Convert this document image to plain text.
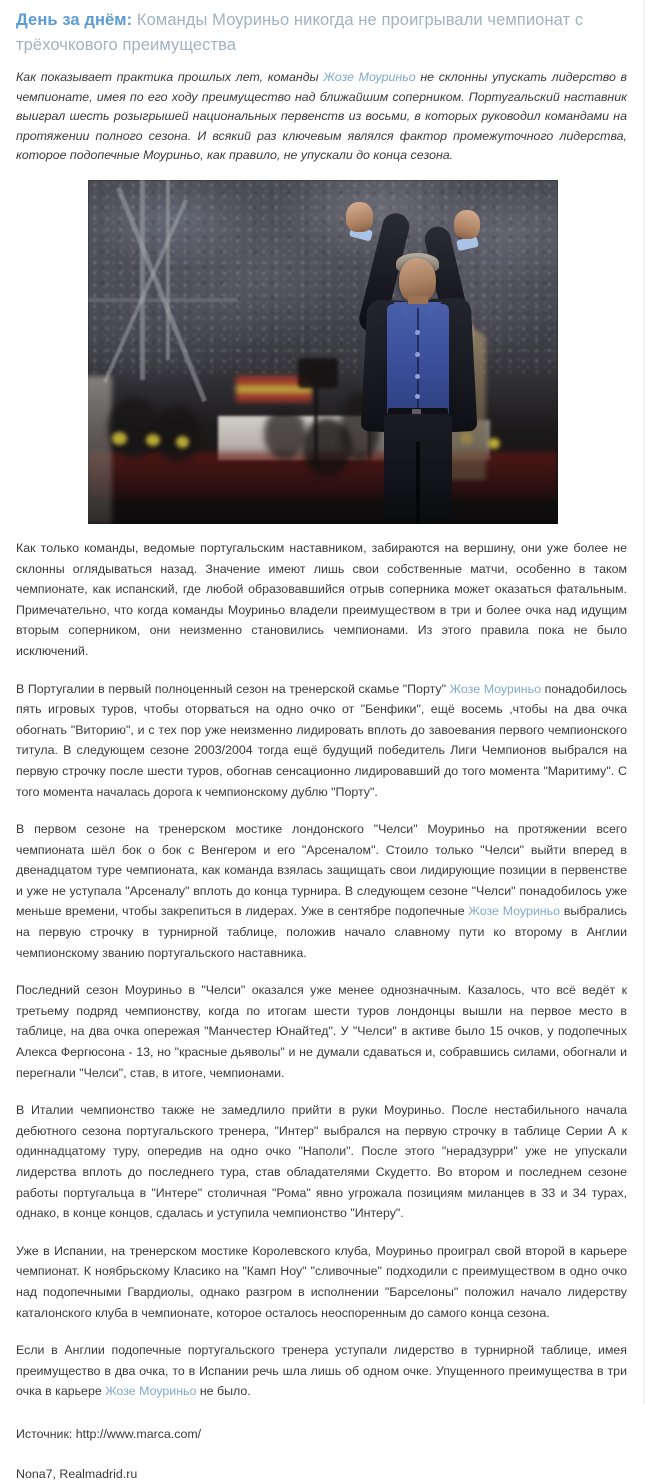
День за днём: Команды Моуриньо никогда не проигрывали чемпионат с трёхочкового преимущества

Как показывает практика прошлых лет, команды Жозе Моуриньо не склонны упускать лидерство в чемпионате, имея по его ходу преимущество над ближайшим соперником. Португальский наставник выиграл шесть розыгрышей национальных первенств из восьми, в которых руководил командами на протяжении полного сезона. И всякий раз ключевым являлся фактор промежуточного лидерства, которое подопечные Моуриньо, как правило, не упускали до конца сезона.

Как только команды, ведомые португальским наставником, забираются на вершину, они уже более не склонны оглядываться назад. Значение имеют лишь свои собственные матчи, особенно в таком чемпионате, как испанский, где любой образовавшийся отрыв соперника может оказаться фатальным. Примечательно, что когда команды Моуриньо владели преимуществом в три и более очка над идущим вторым соперником, они неизменно становились чемпионами. Из этого правила пока не было исключений.

В Португалии в первый полноценный сезон на тренерской скамье "Порту" Жозе Моуриньо понадобилось пять игровых туров, чтобы оторваться на одно очко от "Бенфики", ещё восемь ,чтобы на два очка обогнать "Виторию", и с тех пор уже неизменно лидировать вплоть до завоевания первого чемпионского титула. В следующем сезоне 2003/2004 тогда ещё будущий победитель Лиги Чемпионов выбрался на первую строчку после шести туров, обогнав сенсационно лидировавший до того момента "Маритиму". С того момента началась дорога к чемпионскому дублю "Порту".

В первом сезоне на тренерском мостике лондонского "Челси" Моуриньо на протяжении всего чемпионата шёл бок о бок с Венгером и его "Арсеналом". Стоило только "Челси" выйти вперед в двенадцатом туре чемпионата, как команда взялась защищать свои лидирующие позиции в первенстве и уже не уступала "Арсеналу" вплоть до конца турнира. В следующем сезоне "Челси" понадобилось уже меньше времени, чтобы закрепиться в лидерах. Уже в сентябре подопечные Жозе Моуриньо выбрались на первую строчку в турнирной таблице, положив начало славному пути ко второму в Англии чемпионскому званию португальского наставника.

Последний сезон Моуриньо в "Челси" оказался уже менее однозначным. Казалось, что всё ведёт к третьему подряд чемпионству, когда по итогам шести туров лондонцы вышли на первое место в таблице, на два очка опережая "Манчестер Юнайтед". У "Челси" в активе было 15 очков, у подопечных Алекса Фергюсона - 13, но "красные дьяволы" и не думали сдаваться и, собравшись силами, обогнали и перегнали "Челси", став, в итоге, чемпионами.

В Италии чемпионство также не замедлило прийти в руки Моуриньо. После нестабильного начала дебютного сезона португальского тренера, "Интер" выбрался на первую строчку в таблице Серии А к одиннадцатому туру, опередив на одно очко "Наполи". После этого "нерадзурри" уже не упускали лидерства вплоть до последнего тура, став обладателями Скудетто. Во втором и последнем сезоне работы португальца в "Интере" столичная "Рома" явно угрожала позициям миланцев в 33 и 34 турах, однако, в конце концов, сдалась и уступила чемпионство "Интеру".

Уже в Испании, на тренерском мостике Королевского клуба, Моуриньо проиграл свой второй в карьере чемпионат. К ноябрьскому Класико на "Камп Ноу" "сливочные" подходили с преимуществом в одно очко над подопечными Гвардиолы, однако разгром в исполнении "Барселоны" положил начало лидерству каталонского клуба в чемпионате, которое осталось неоспоренным до самого конца сезона.

Если в Англии подопечные португальского тренера уступали лидерство в турнирной таблице, имея преимущество в два очка, то в Испании речь шла лишь об одном очке. Упущенного преимущества в три очка в карьере Жозе Моуриньо не было.

Источник: http://www.marca.com/

Nona7, Realmadrid.ru
